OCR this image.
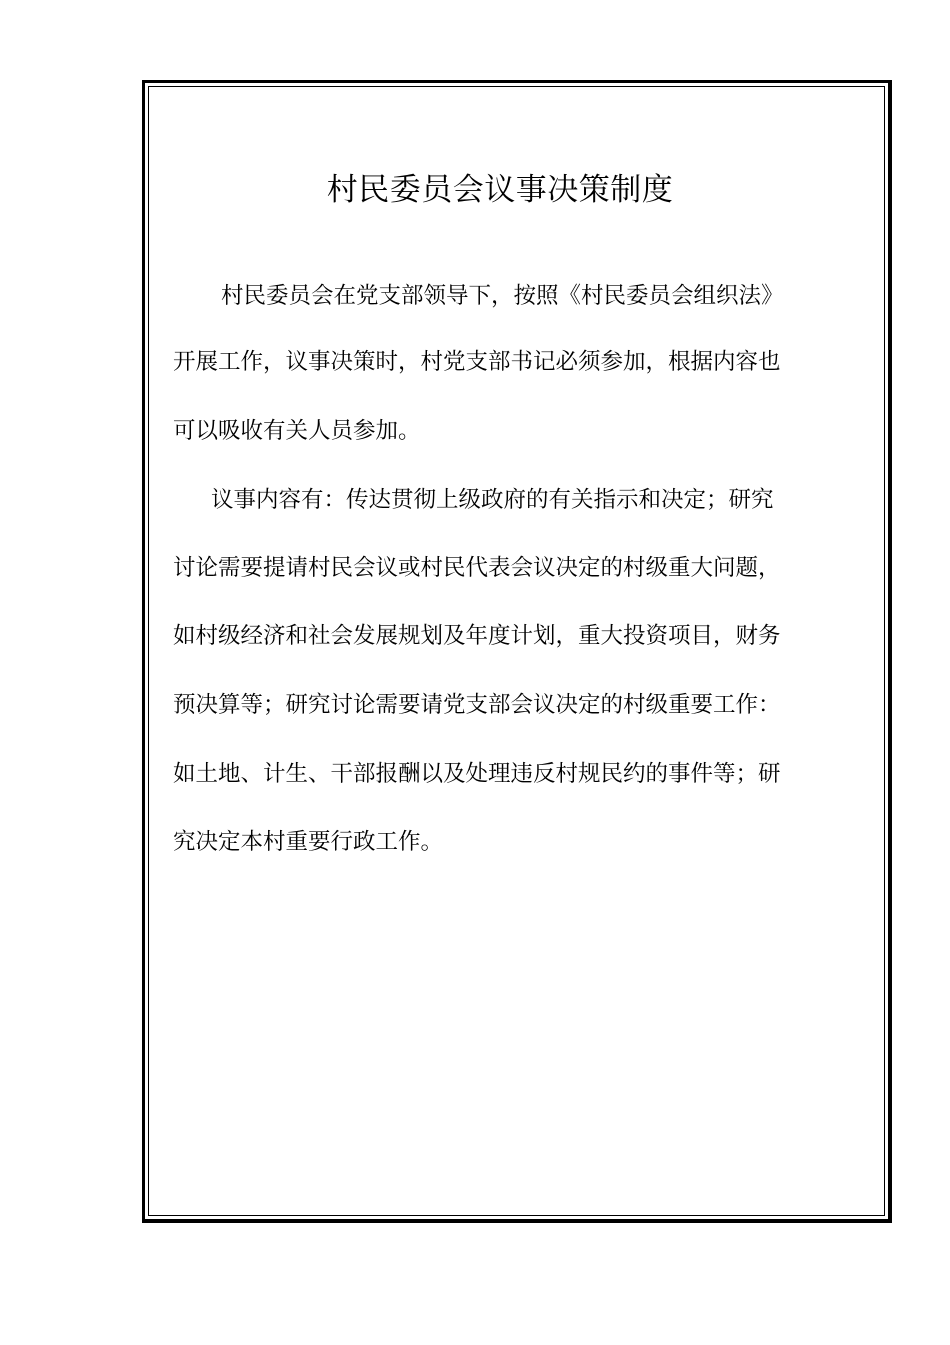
村民委员会议事决策制度

村民委员会在党支部领导下，按照《村民委员会组织法》

开展工作，议事决策时，村党支部书记必须参加，根据内容也

可以吸收有关人员参加。

议事内容有：传达贯彻上级政府的有关指示和决定；研究

讨论需要提请村民会议或村民代表会议决定的村级重大问题，

如村级经济和社会发展规划及年度计划，重大投资项目，财务

预决算等；研究讨论需要请党支部会议决定的村级重要工作：

如土地、计生、干部报酬以及处理违反村规民约的事件等；研

究决定本村重要行政工作。
